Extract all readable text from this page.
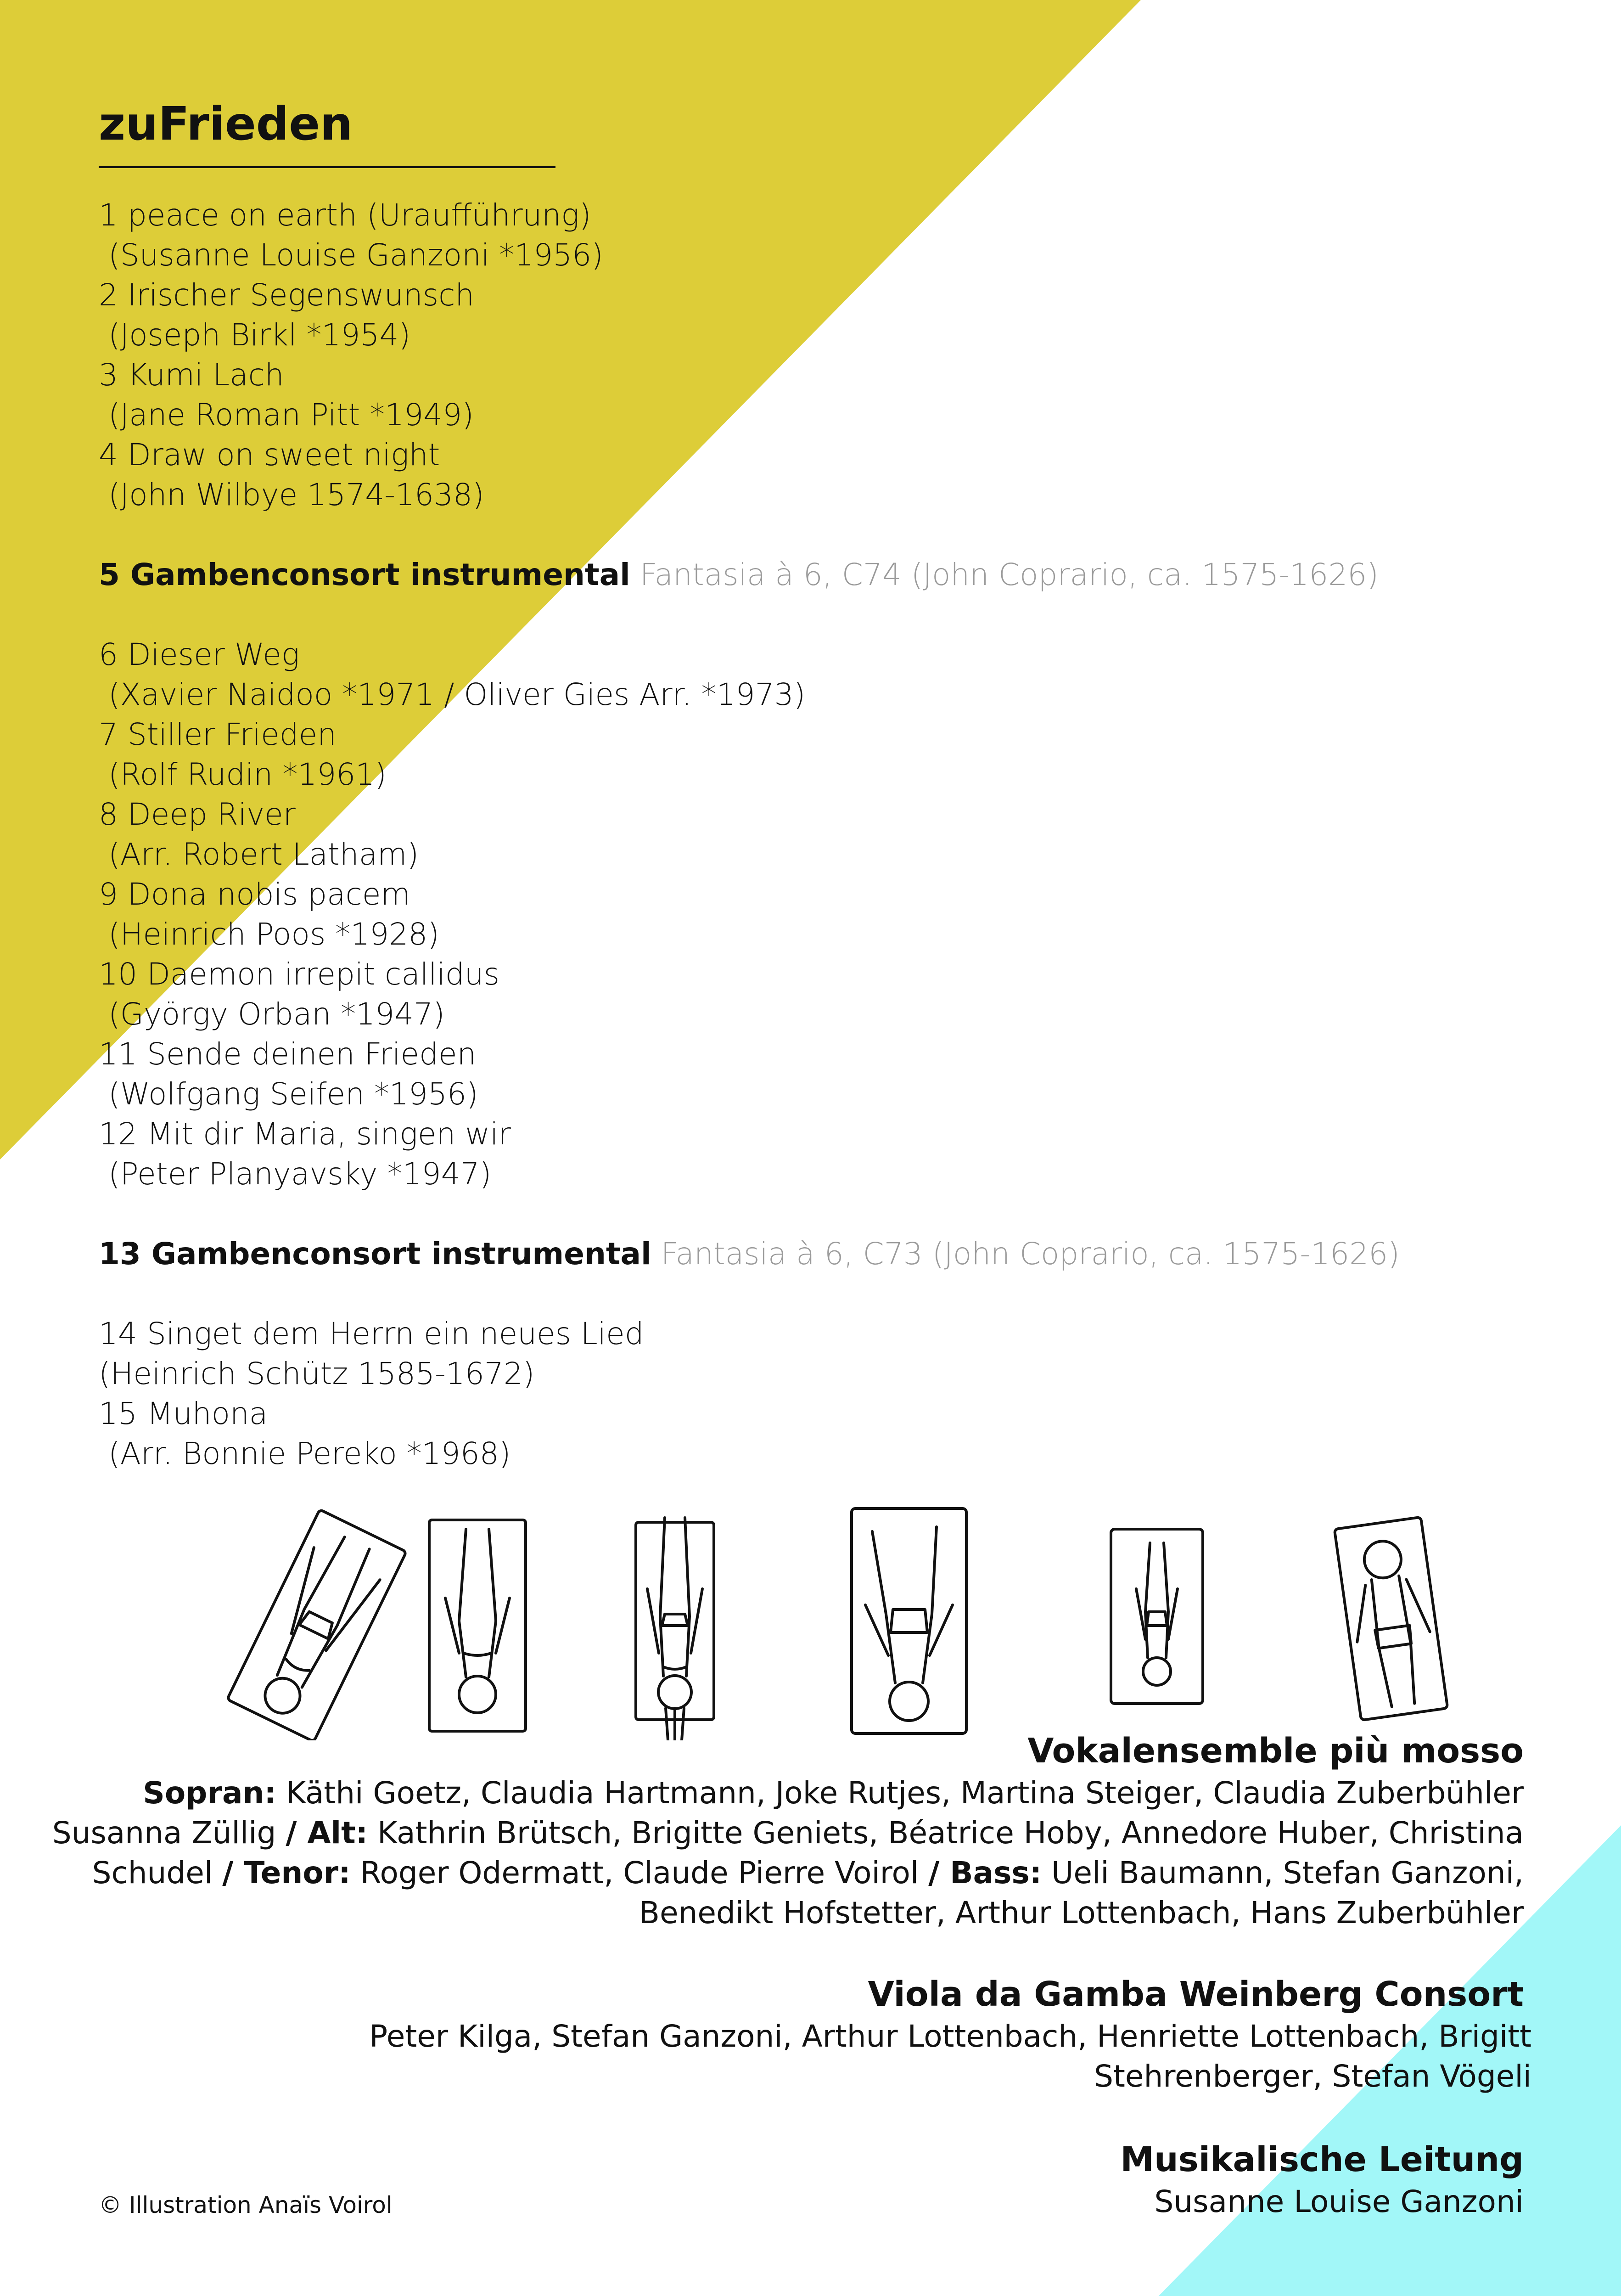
zuFrieden
1 peace on earth (Uraufführung)
(Susanne Louise Ganzoni *1956)
2 Irischer Segenswunsch
(Joseph Birkl *1954)
3 Kumi Lach
(Jane Roman Pitt *1949)
4 Draw on sweet night
(John Wilbye 1574-1638)
5 Gambenconsort instrumental Fantasia à 6, C74 (John Coprario, ca. 1575-1626)
6 Dieser Weg
(Xavier Naidoo *1971 / Oliver Gies Arr. *1973)
7 Stiller Frieden
(Rolf Rudin *1961)
8 Deep River
(Arr. Robert Latham)
9 Dona nobis pacem
(Heinrich Poos *1928)
10 Daemon irrepit callidus
(György Orban *1947)
11 Sende deinen Frieden
(Wolfgang Seifen *1956)
12 Mit dir Maria, singen wir
(Peter Planyavsky *1947)
13 Gambenconsort instrumental Fantasia à 6, C73 (John Coprario, ca. 1575-1626)
14 Singet dem Herrn ein neues Lied
(Heinrich Schütz 1585-1672)
15 Muhona
(Arr. Bonnie Pereko *1968)
Vokalensemble più mosso
Sopran: Käthi Goetz, Claudia Hartmann, Joke Rutjes, Martina Steiger, Claudia Zuberbühler
Susanna Züllig / Alt: Kathrin Brütsch, Brigitte Geniets, Béatrice Hoby, Annedore Huber, Christina
Schudel / Tenor: Roger Odermatt, Claude Pierre Voirol / Bass: Ueli Baumann, Stefan Ganzoni,
Benedikt Hofstetter, Arthur Lottenbach, Hans Zuberbühler
Viola da Gamba Weinberg Consort
Peter Kilga, Stefan Ganzoni, Arthur Lottenbach, Henriette Lottenbach, Brigitt
Stehrenberger, Stefan Vögeli
Musikalische Leitung
Susanne Louise Ganzoni
© Illustration Anaïs Voirol
